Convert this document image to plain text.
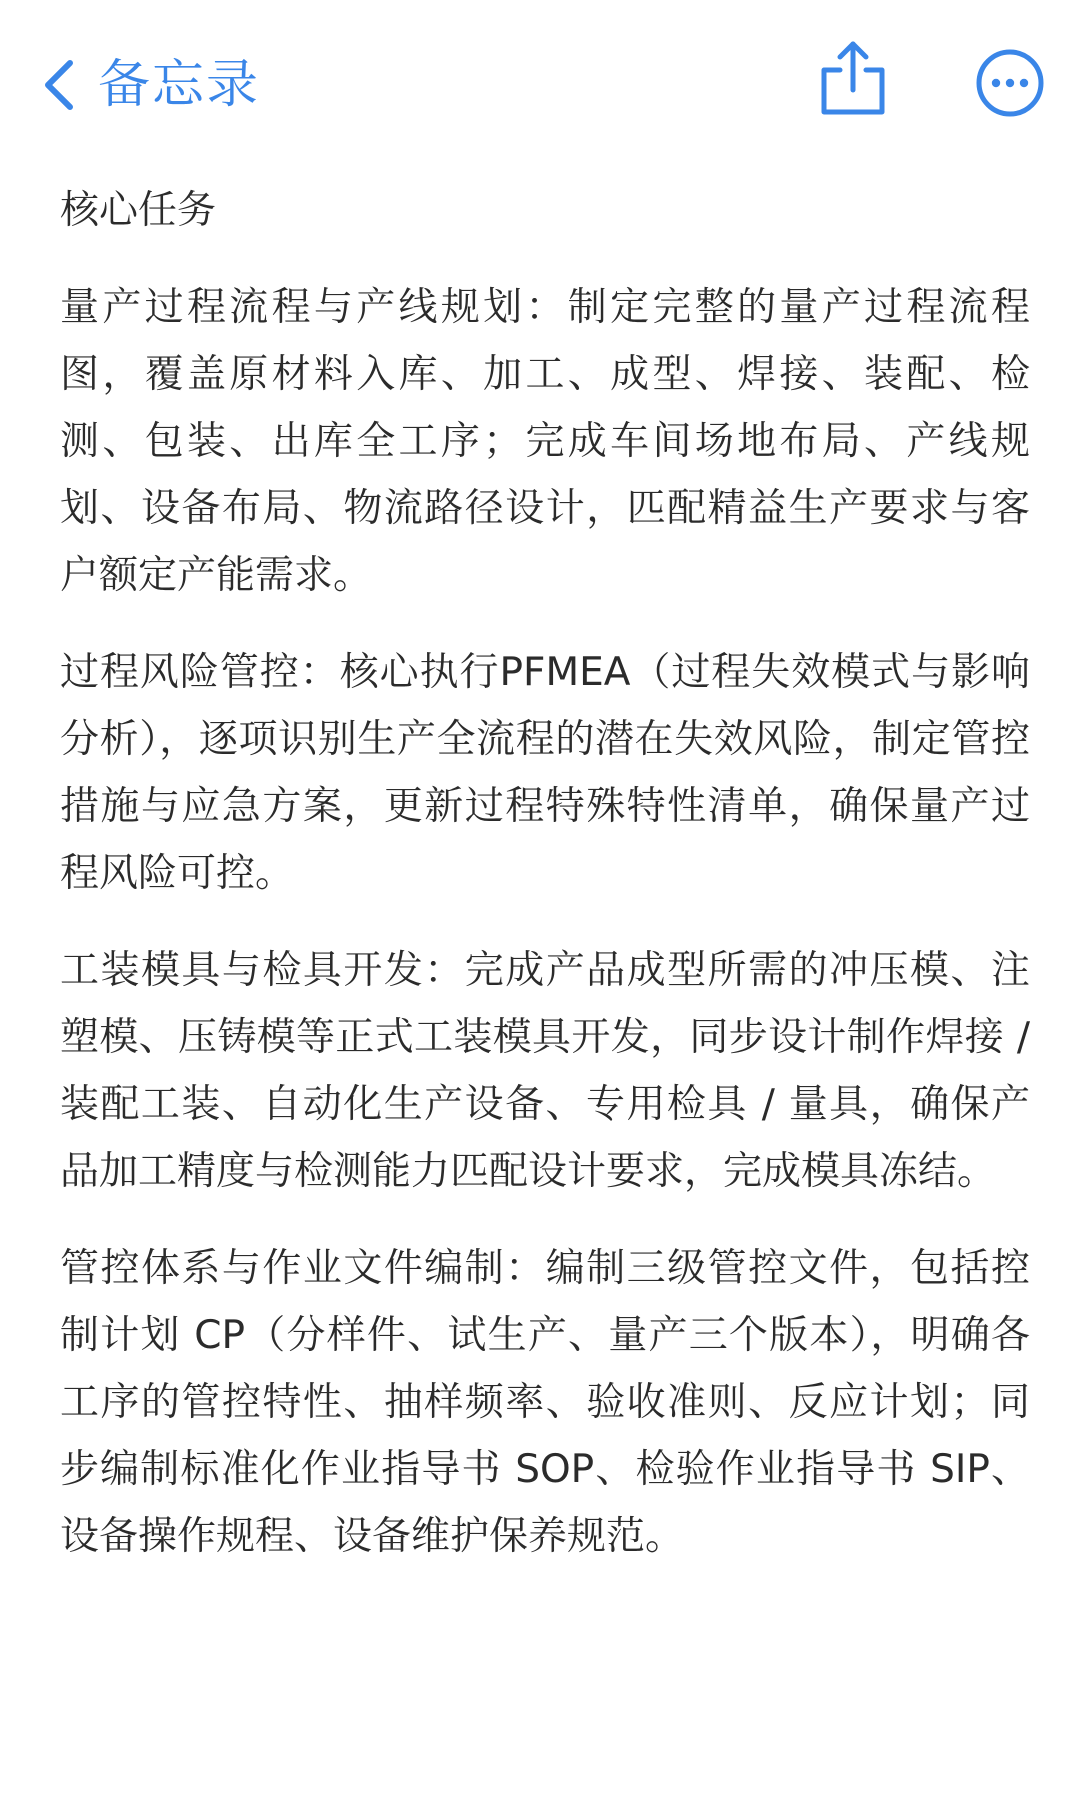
备忘录

核心任务

量产过程流程与产线规划：制定完整的量产过程流程图，覆盖原材料入库、加工、成型、焊接、装配、检测、包装、出库全工序；完成车间场地布局、产线规划、设备布局、物流路径设计，匹配精益生产要求与客户额定产能需求。

过程风险管控：核心执行PFMEA（过程失效模式与影响分析），逐项识别生产全流程的潜在失效风险，制定管控措施与应急方案，更新过程特殊特性清单，确保量产过程风险可控。

工装模具与检具开发：完成产品成型所需的冲压模、注塑模、压铸模等正式工装模具开发，同步设计制作焊接 / 装配工装、自动化生产设备、专用检具 / 量具，确保产品加工精度与检测能力匹配设计要求，完成模具冻结。

管控体系与作业文件编制：编制三级管控文件，包括控制计划 CP（分样件、试生产、量产三个版本），明确各工序的管控特性、抽样频率、验收准则、反应计划；同步编制标准化作业指导书 SOP、检验作业指导书 SIP、设备操作规程、设备维护保养规范。
